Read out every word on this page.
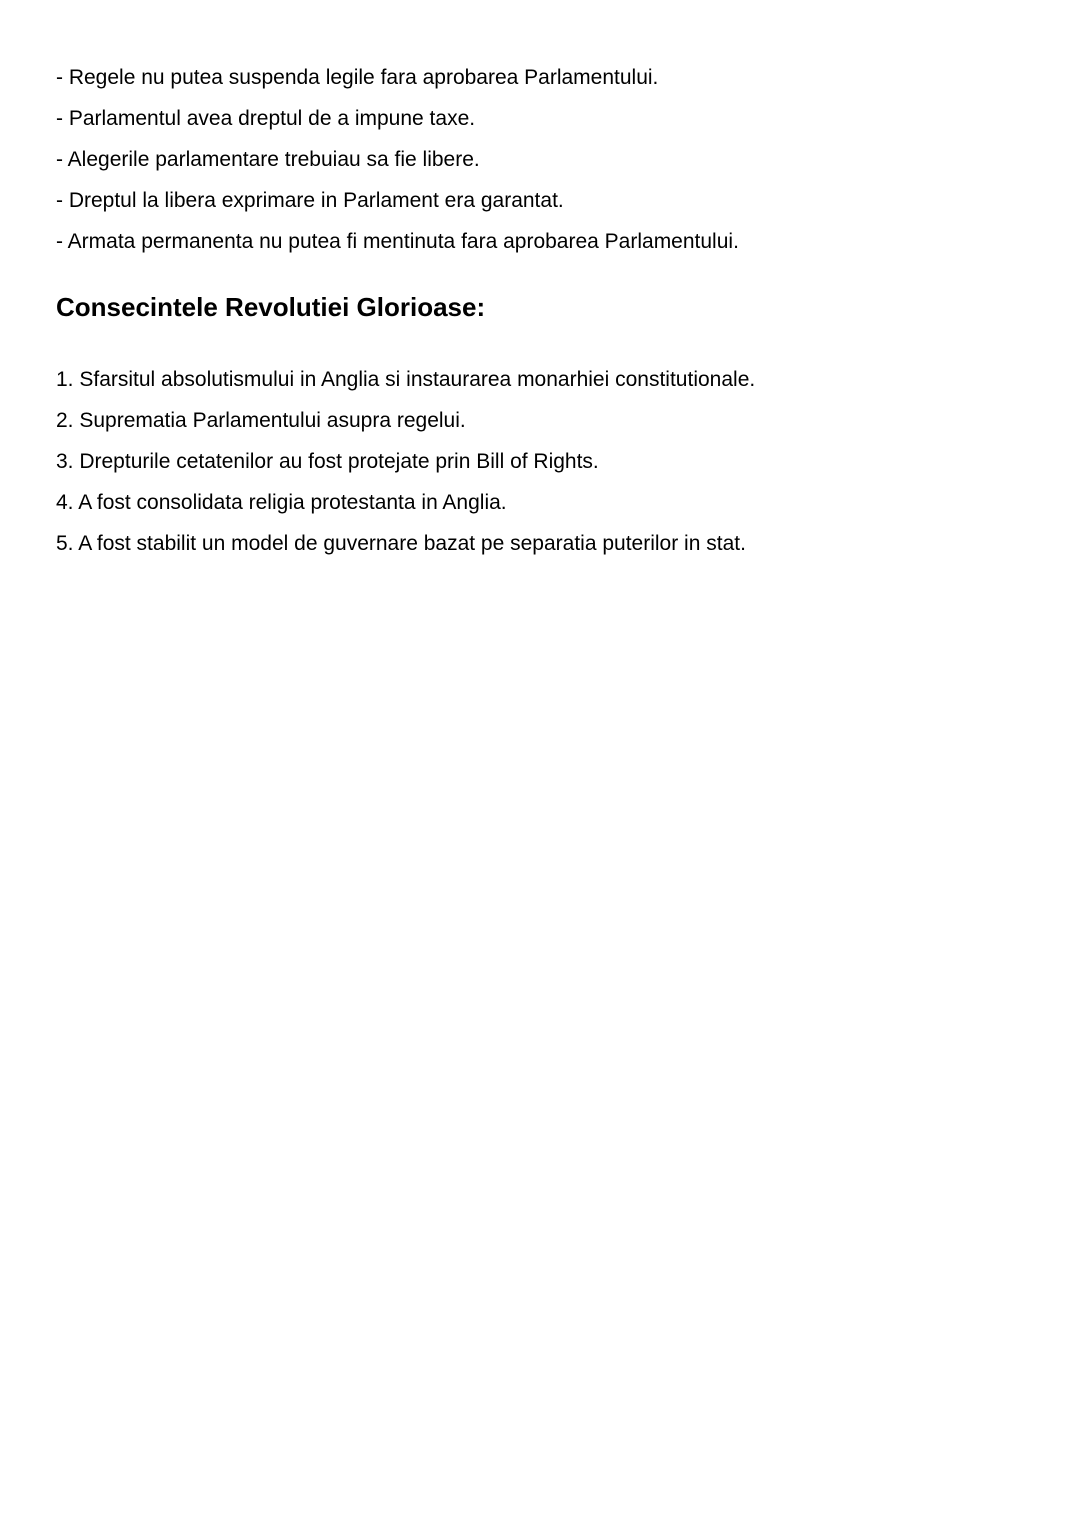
- Regele nu putea suspenda legile fara aprobarea Parlamentului.
- Parlamentul avea dreptul de a impune taxe.
- Alegerile parlamentare trebuiau sa fie libere.
- Dreptul la libera exprimare in Parlament era garantat.
- Armata permanenta nu putea fi mentinuta fara aprobarea Parlamentului.
Consecintele Revolutiei Glorioase:
1. Sfarsitul absolutismului in Anglia si instaurarea monarhiei constitutionale.
2. Suprematia Parlamentului asupra regelui.
3. Drepturile cetatenilor au fost protejate prin Bill of Rights.
4. A fost consolidata religia protestanta in Anglia.
5. A fost stabilit un model de guvernare bazat pe separatia puterilor in stat.
